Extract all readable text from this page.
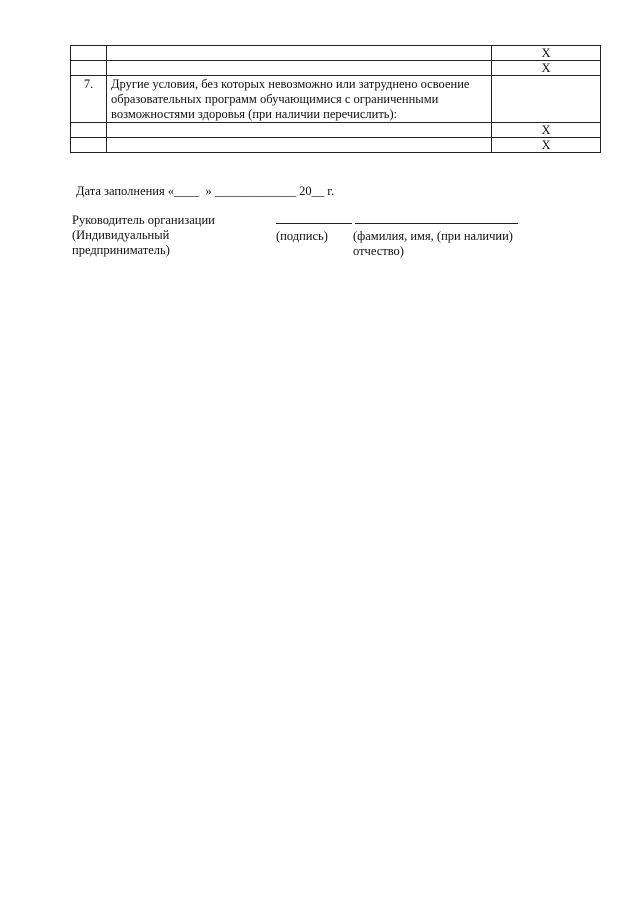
		X
		X
7.	Другие условия, без которых невозможно или затруднено освоение образовательных программ обучающимися с ограниченными возможностями здоровья (при наличии перечислить):	
		X
		X
Дата заполнения «____  » _____________ 20__ г.
Руководитель организации (Индивидуальный предприниматель)
(подпись) (фамилия, имя, (при наличии) отчество)
